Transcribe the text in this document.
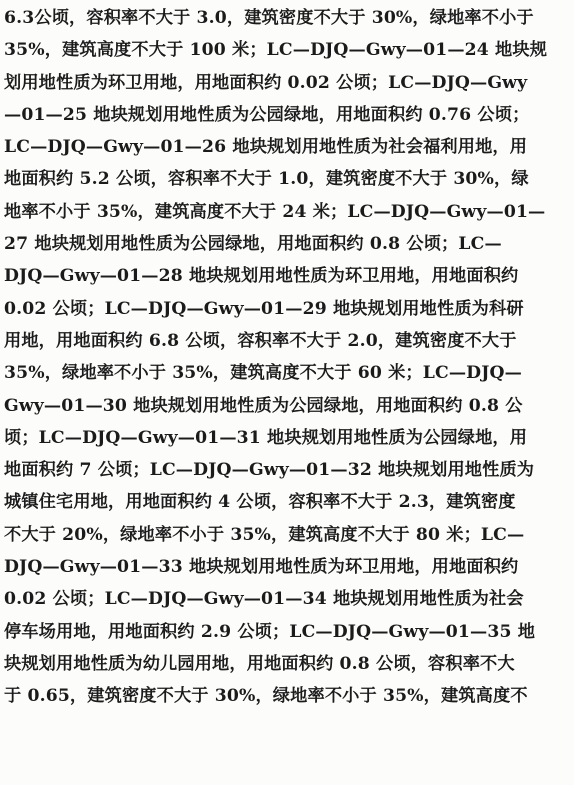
6.3公顷，容积率不大于 3.0，建筑密度不大于 30%，绿地率不小于
35%，建筑高度不大于 100 米；LC—DJQ—Gwy—01—24 地块规
划用地性质为环卫用地，用地面积约 0.02 公顷；LC—DJQ—Gwy
—01—25 地块规划用地性质为公园绿地，用地面积约 0.76 公顷；
LC—DJQ—Gwy—01—26 地块规划用地性质为社会福利用地，用
地面积约 5.2 公顷，容积率不大于 1.0，建筑密度不大于 30%，绿
地率不小于 35%，建筑高度不大于 24 米；LC—DJQ—Gwy—01—
27 地块规划用地性质为公园绿地，用地面积约 0.8 公顷；LC—
DJQ—Gwy—01—28 地块规划用地性质为环卫用地，用地面积约
0.02 公顷；LC—DJQ—Gwy—01—29 地块规划用地性质为科研
用地，用地面积约 6.8 公顷，容积率不大于 2.0，建筑密度不大于
35%，绿地率不小于 35%，建筑高度不大于 60 米；LC—DJQ—
Gwy—01—30 地块规划用地性质为公园绿地，用地面积约 0.8 公
顷；LC—DJQ—Gwy—01—31 地块规划用地性质为公园绿地，用
地面积约 7 公顷；LC—DJQ—Gwy—01—32 地块规划用地性质为
城镇住宅用地，用地面积约 4 公顷，容积率不大于 2.3，建筑密度
不大于 20%，绿地率不小于 35%，建筑高度不大于 80 米；LC—
DJQ—Gwy—01—33 地块规划用地性质为环卫用地，用地面积约
0.02 公顷；LC—DJQ—Gwy—01—34 地块规划用地性质为社会
停车场用地，用地面积约 2.9 公顷；LC—DJQ—Gwy—01—35 地
块规划用地性质为幼儿园用地，用地面积约 0.8 公顷，容积率不大
于 0.65，建筑密度不大于 30%，绿地率不小于 35%，建筑高度不
